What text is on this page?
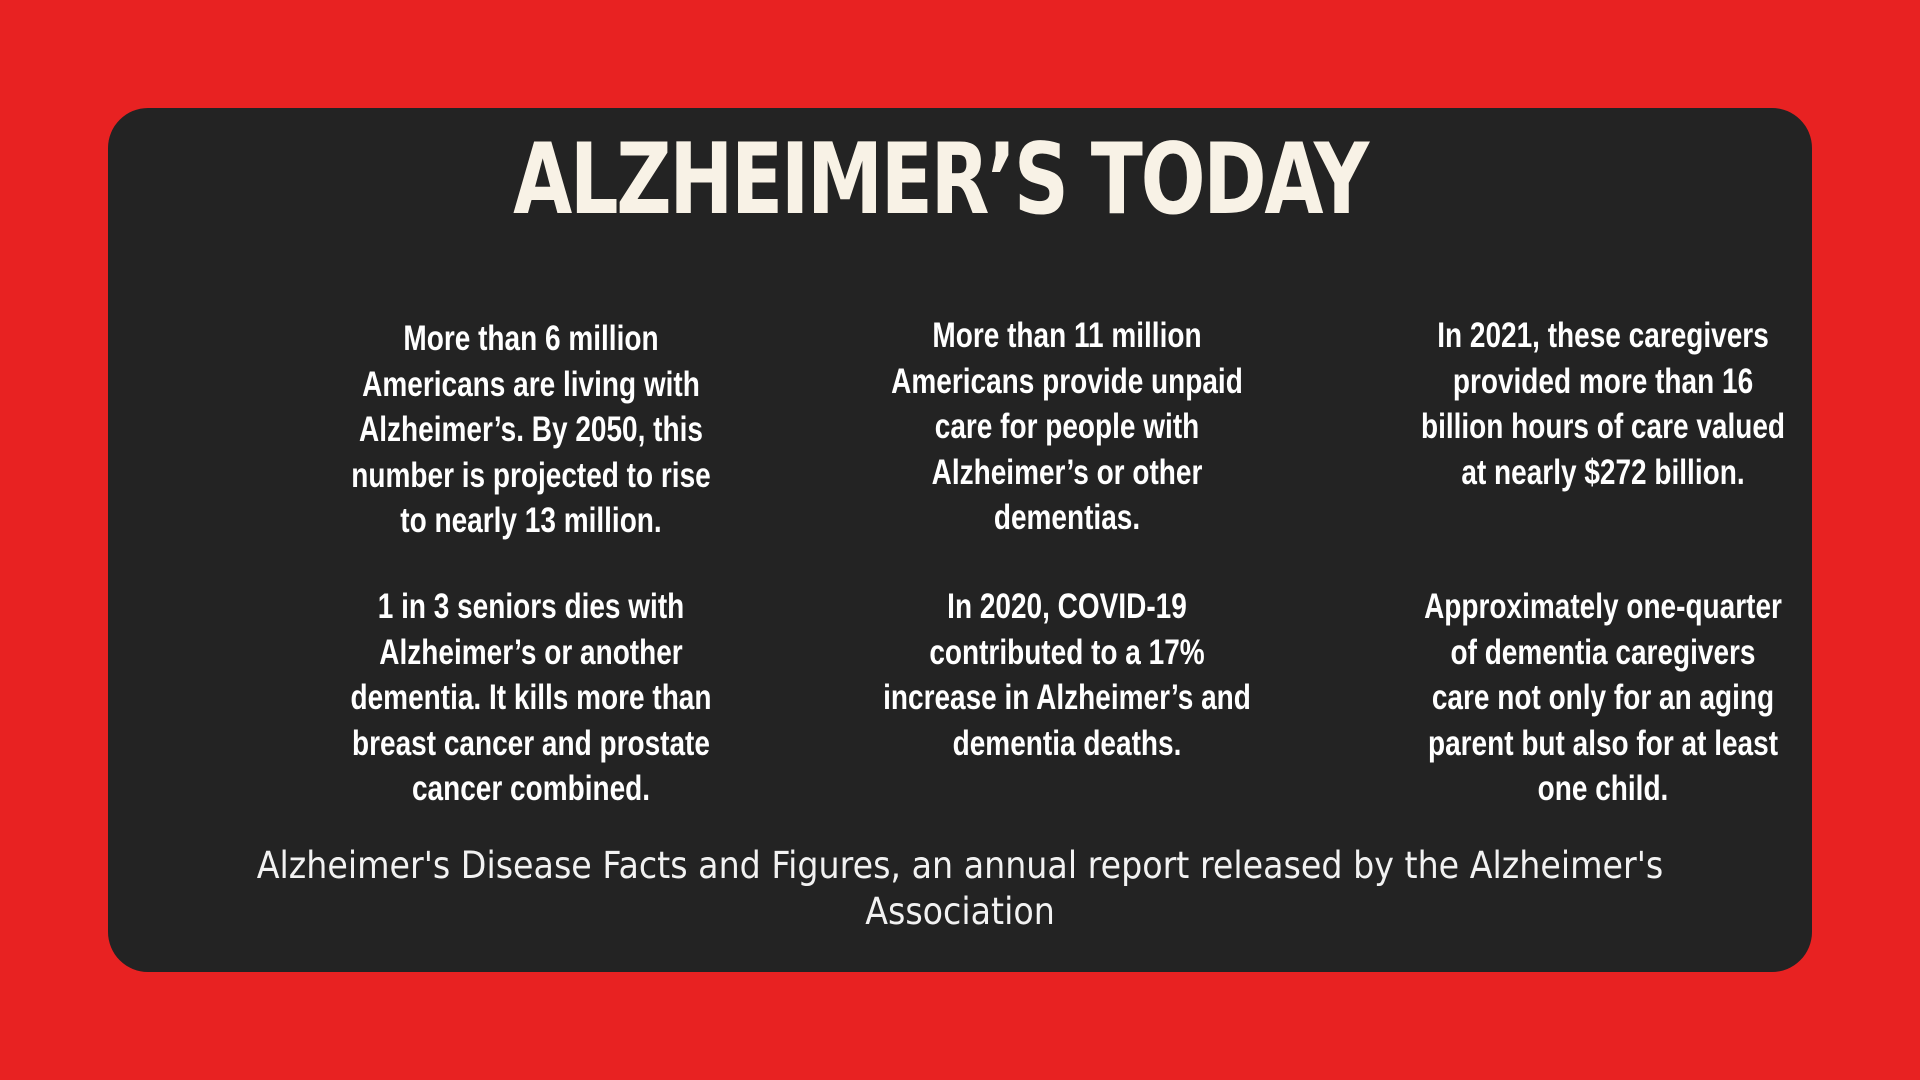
ALZHEIMER’S TODAY

More than 6 million Americans are living with Alzheimer’s. By 2050, this number is projected to rise to nearly 13 million.

More than 11 million Americans provide unpaid care for people with Alzheimer’s or other dementias.

In 2021, these caregivers provided more than 16 billion hours of care valued at nearly $272 billion.

1 in 3 seniors dies with Alzheimer’s or another dementia. It kills more than breast cancer and prostate cancer combined.

In 2020, COVID-19 contributed to a 17% increase in Alzheimer’s and dementia deaths.

Approximately one-quarter of dementia caregivers care not only for an aging parent but also for at least one child.

Alzheimer's Disease Facts and Figures, an annual report released by the Alzheimer's Association
